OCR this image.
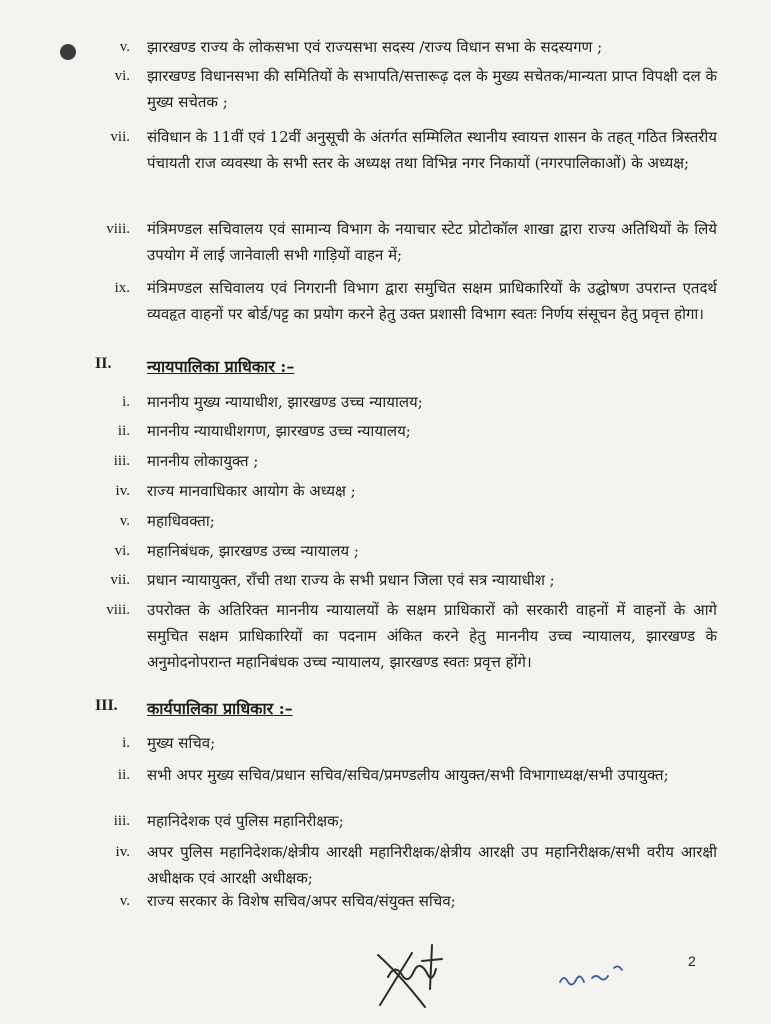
v. झारखण्ड राज्य के लोकसभा एवं राज्यसभा सदस्य /राज्य विधान सभा के सदस्यगण ;
vi. झारखण्ड विधानसभा की समितियों के सभापति/सत्तारूढ़ दल के मुख्य सचेतक/मान्यता प्राप्त विपक्षी दल के मुख्य सचेतक ;
vii. संविधान के 11वीं एवं 12वीं अनुसूची के अंतर्गत सम्मिलित स्थानीय स्वायत्त शासन के तहत् गठित त्रिस्तरीय पंचायती राज व्यवस्था के सभी स्तर के अध्यक्ष तथा विभिन्न नगर निकायों (नगरपालिकाओं) के अध्यक्ष;
viii. मंत्रिमण्डल सचिवालय एवं सामान्य विभाग के नयाचार स्टेट प्रोटोकॉल शाखा द्वारा राज्य अतिथियों के लिये उपयोग में लाई जानेवाली सभी गाड़ियों वाहन में;
ix. मंत्रिमण्डल सचिवालय एवं निगरानी विभाग द्वारा समुचित सक्षम प्राधिकारियों के उद्घोषण उपरान्त एतदर्थ व्यवहृत वाहनों पर बोर्ड/पट्ट का प्रयोग करने हेतु उक्त प्रशासी विभाग स्वतः निर्णय संसूचन हेतु प्रवृत्त होगा।
II. न्यायपालिका प्राधिकार :–
i. माननीय मुख्य न्यायाधीश, झारखण्ड उच्च न्यायालय;
ii. माननीय न्यायाधीशगण, झारखण्ड उच्च न्यायालय;
iii. माननीय लोकायुक्त ;
iv. राज्य मानवाधिकार आयोग के अध्यक्ष ;
v. महाधिवक्ता;
vi. महानिबंधक, झारखण्ड उच्च न्यायालय ;
vii. प्रधान न्यायायुक्त, राँची तथा राज्य के सभी प्रधान जिला एवं सत्र न्यायाधीश ;
viii. उपरोक्त के अतिरिक्त माननीय न्यायालयों के सक्षम प्राधिकारों को सरकारी वाहनों में वाहनों के आगे समुचित सक्षम प्राधिकारियों का पदनाम अंकित करने हेतु माननीय उच्च न्यायालय, झारखण्ड के अनुमोदनोपरान्त महानिबंधक उच्च न्यायालय, झारखण्ड स्वतः प्रवृत्त होंगे।
III. कार्यपालिका प्राधिकार :–
i. मुख्य सचिव;
ii. सभी अपर मुख्य सचिव/प्रधान सचिव/सचिव/प्रमण्डलीय आयुक्त/सभी विभागाध्यक्ष/सभी उपायुक्त;
iii. महानिदेशक एवं पुलिस महानिरीक्षक;
iv. अपर पुलिस महानिदेशक/क्षेत्रीय आरक्षी महानिरीक्षक/क्षेत्रीय आरक्षी उप महानिरीक्षक/सभी वरीय आरक्षी अधीक्षक एवं आरक्षी अधीक्षक;
v. राज्य सरकार के विशेष सचिव/अपर सचिव/संयुक्त सचिव;
2
